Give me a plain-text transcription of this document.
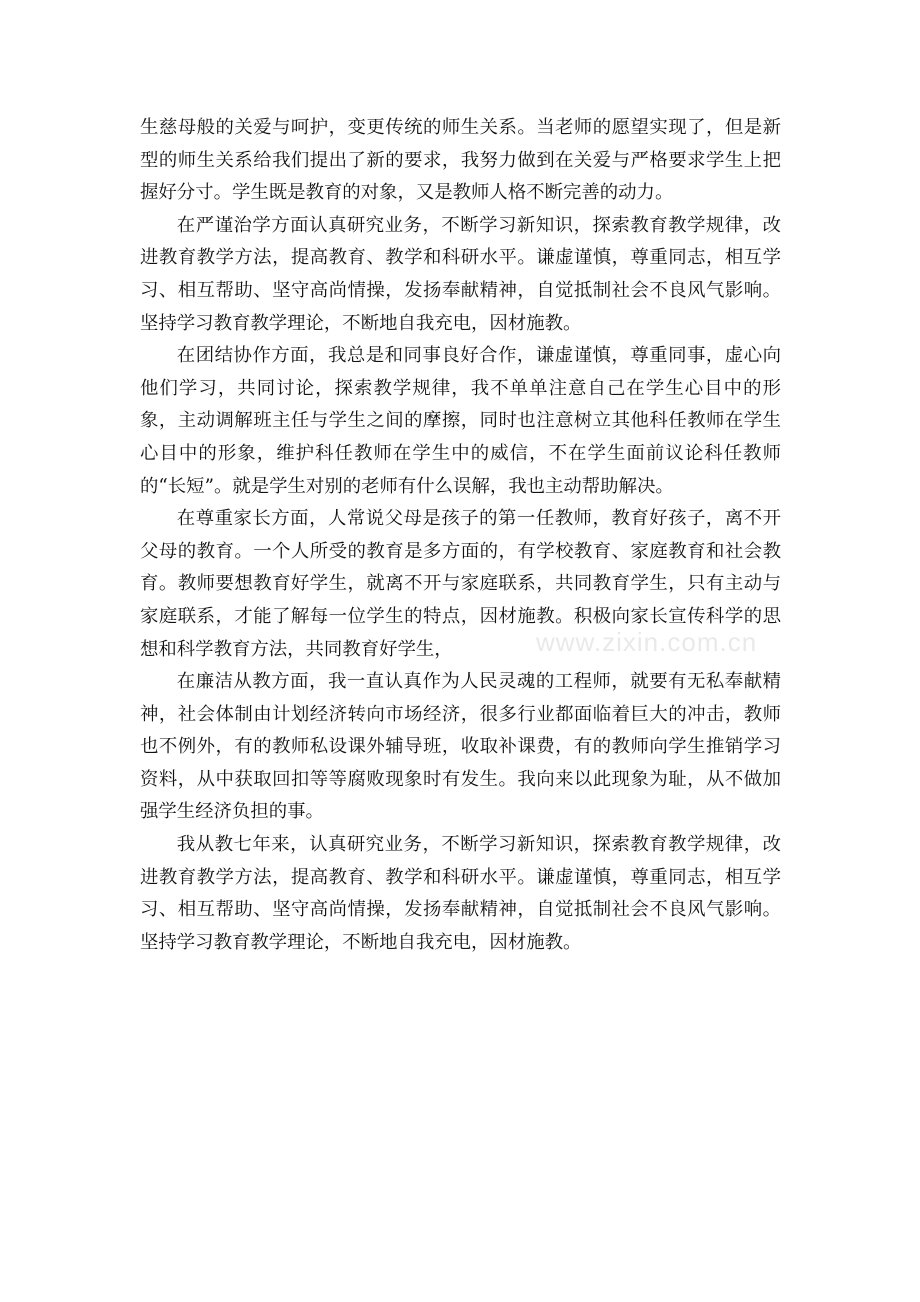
生慈母般的关爱与呵护，变更传统的师生关系。当老师的愿望实现了，但是新型的师生关系给我们提出了新的要求，我努力做到在关爱与严格要求学生上把握好分寸。学生既是教育的对象，又是教师人格不断完善的动力。

在严谨治学方面认真研究业务，不断学习新知识，探索教育教学规律，改进教育教学方法，提高教育、教学和科研水平。谦虚谨慎，尊重同志，相互学习、相互帮助、坚守高尚情操，发扬奉献精神，自觉抵制社会不良风气影响。坚持学习教育教学理论，不断地自我充电，因材施教。

在团结协作方面，我总是和同事良好合作，谦虚谨慎，尊重同事，虚心向他们学习，共同讨论，探索教学规律，我不单单注意自己在学生心目中的形象，主动调解班主任与学生之间的摩擦，同时也注意树立其他科任教师在学生心目中的形象，维护科任教师在学生中的威信，不在学生面前议论科任教师的“长短”。就是学生对别的老师有什么误解，我也主动帮助解决。

在尊重家长方面，人常说父母是孩子的第一任教师，教育好孩子，离不开父母的教育。一个人所受的教育是多方面的，有学校教育、家庭教育和社会教育。教师要想教育好学生，就离不开与家庭联系，共同教育学生，只有主动与家庭联系，才能了解每一位学生的特点，因材施教。积极向家长宣传科学的思想和科学教育方法，共同教育好学生，

在廉洁从教方面，我一直认真作为人民灵魂的工程师，就要有无私奉献精神，社会体制由计划经济转向市场经济，很多行业都面临着巨大的冲击，教师也不例外，有的教师私设课外辅导班，收取补课费，有的教师向学生推销学习资料，从中获取回扣等等腐败现象时有发生。我向来以此现象为耻，从不做加强学生经济负担的事。

我从教七年来，认真研究业务，不断学习新知识，探索教育教学规律，改进教育教学方法，提高教育、教学和科研水平。谦虚谨慎，尊重同志，相互学习、相互帮助、坚守高尚情操，发扬奉献精神，自觉抵制社会不良风气影响。 坚持学习教育教学理论，不断地自我充电，因材施教。

www.zixin.com.cn
